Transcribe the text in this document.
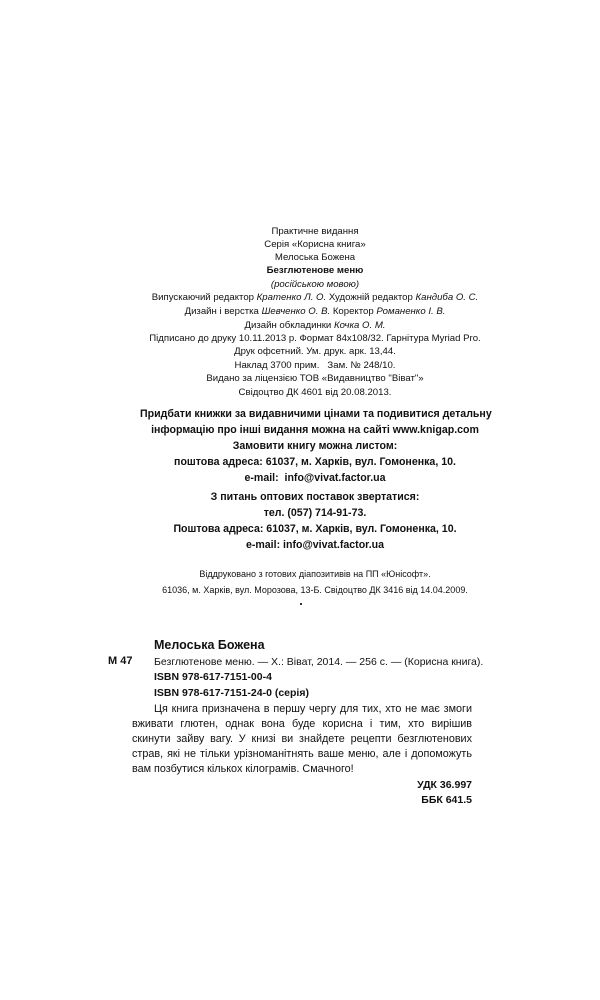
Практичне видання
Серія «Корисна книга»
Мелоська Божена
Безглютенове меню
(російською мовою)
Випускаючий редактор Кратенко Л. О. Художній редактор Кандиба О. С.
Дизайн і верстка Шевченко О. В. Коректор Романенко І. В.
Дизайн обкладинки Кочка О. М.
Підписано до друку 10.11.2013 р. Формат 84х108/32. Гарнітура Myriad Pro.
Друк офсетний. Ум. друк. арк. 13,44.
Наклад 3700 прим.   Зам. № 248/10.
Видано за ліцензією ТОВ «Видавництво "Віват"»
Свідоцтво ДК 4601 від 20.08.2013.
Придбати книжки за видавничими цінами та подивитися детальну
інформацію про інші видання можна на сайті www.knigap.com
Замовити книгу можна листом:
поштова адреса: 61037, м. Харків, вул. Гомоненка, 10.
e-mail:  info@vivat.factor.ua
З питань оптових поставок звертатися:
тел. (057) 714-91-73.
Поштова адреса: 61037, м. Харків, вул. Гомоненка, 10.
e-mail: info@vivat.factor.ua
Віддруковано з готових діапозитивів на ПП «Юнісофт».
61036, м. Харків, вул. Морозова, 13-Б. Свідоцтво ДК 3416 від 14.04.2009.
Мелоська Божена
М 47 Безглютенове меню. — Х.: Віват, 2014. — 256 с. — (Корисна книга).
ISBN 978-617-7151-00-4
ISBN 978-617-7151-24-0 (серія)
Ця книга призначена в першу чергу для тих, хто не має змоги вживати глютен, однак вона буде корисна і тим, хто вирішив скинути зайву вагу. У книзі ви знайдете рецепти безглютенових страв, які не тільки урізноманітнять ваше меню, але і допоможуть вам позбутися кількох кілограмів. Смачного!
УДК 36.997
ББК 641.5
